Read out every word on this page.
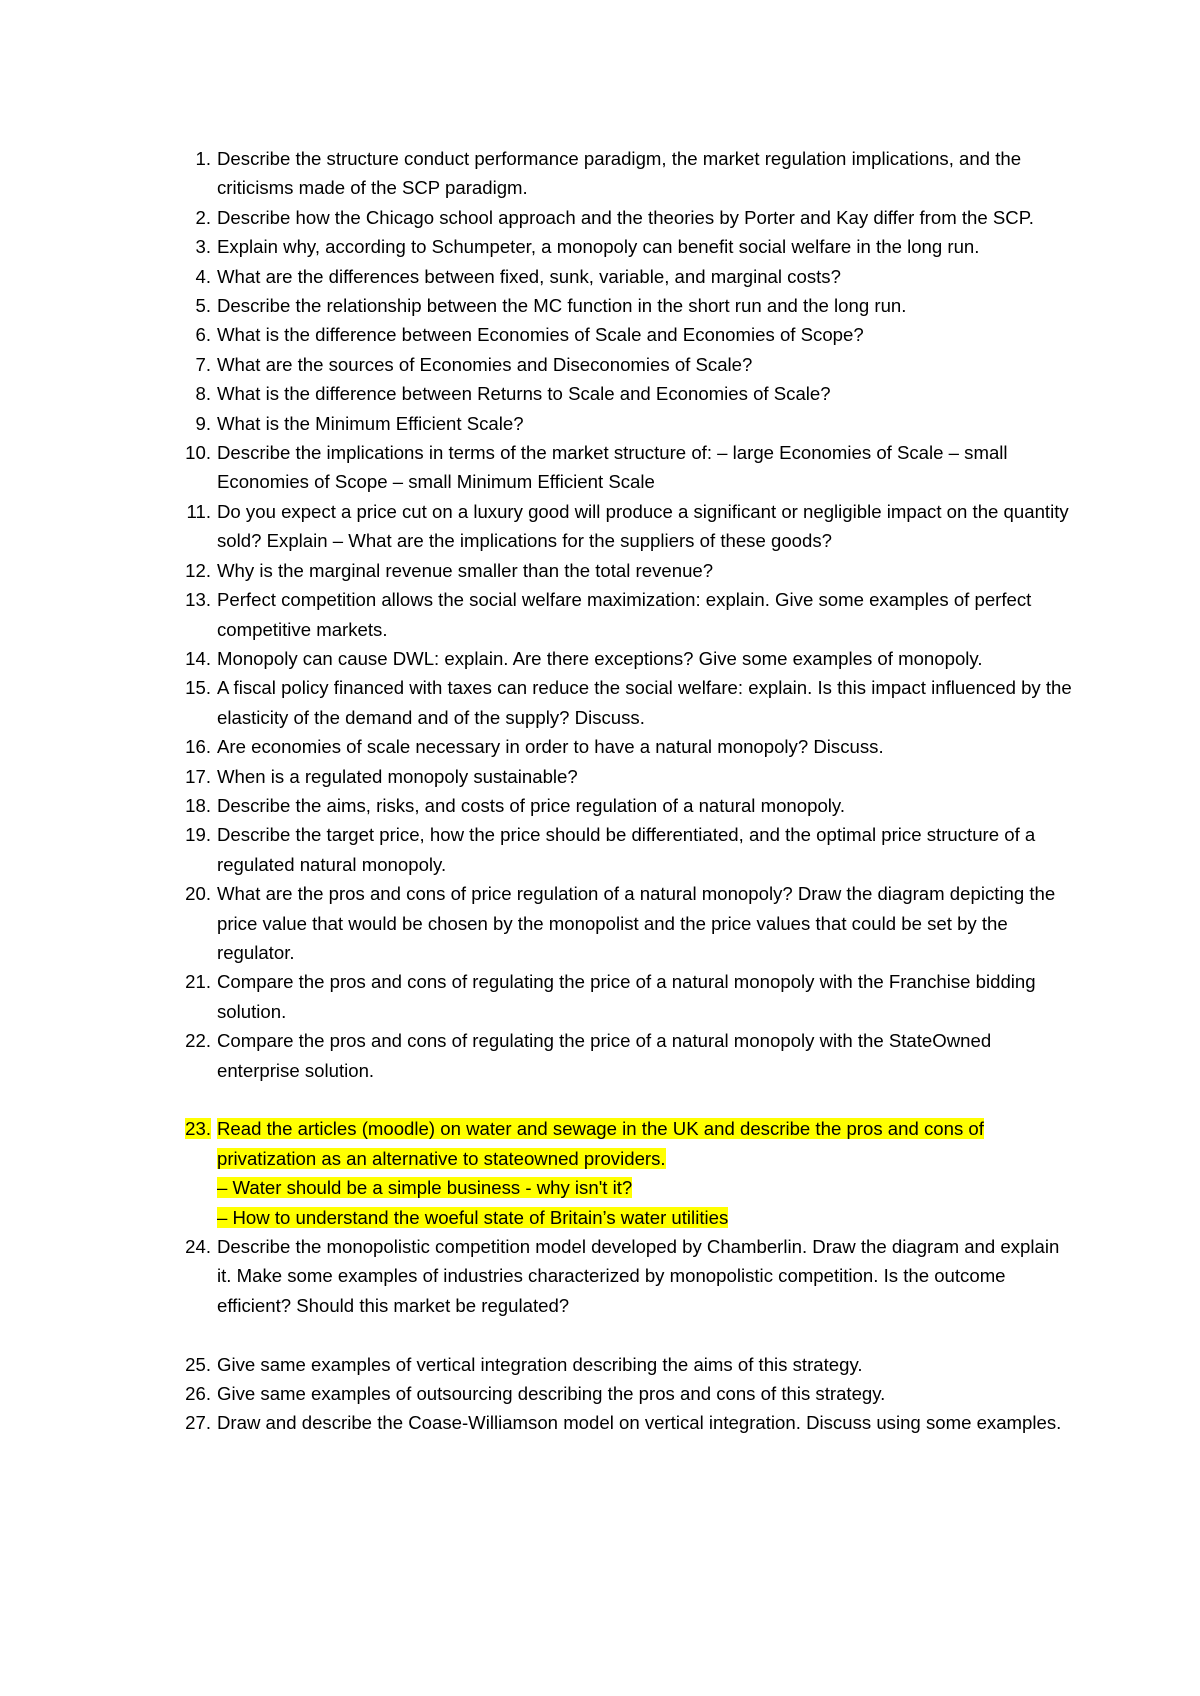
1. Describe the structure conduct performance paradigm, the market regulation implications, and the criticisms made of the SCP paradigm.
2. Describe how the Chicago school approach and the theories by Porter and Kay differ from the SCP.
3. Explain why, according to Schumpeter, a monopoly can benefit social welfare in the long run.
4. What are the differences between fixed, sunk, variable, and marginal costs?
5. Describe the relationship between the MC function in the short run and the long run.
6. What is the difference between Economies of Scale and Economies of Scope?
7. What are the sources of Economies and Diseconomies of Scale?
8. What is the difference between Returns to Scale and Economies of Scale?
9. What is the Minimum Efficient Scale?
10. Describe the implications in terms of the market structure of: – large Economies of Scale – small Economies of Scope – small Minimum Efficient Scale
11. Do you expect a price cut on a luxury good will produce a significant or negligible impact on the quantity sold? Explain – What are the implications for the suppliers of these goods?
12. Why is the marginal revenue smaller than the total revenue?
13. Perfect competition allows the social welfare maximization: explain. Give some examples of perfect competitive markets.
14. Monopoly can cause DWL: explain. Are there exceptions? Give some examples of monopoly.
15. A fiscal policy financed with taxes can reduce the social welfare: explain. Is this impact influenced by the elasticity of the demand and of the supply? Discuss.
16. Are economies of scale necessary in order to have a natural monopoly? Discuss.
17. When is a regulated monopoly sustainable?
18. Describe the aims, risks, and costs of price regulation of a natural monopoly.
19. Describe the target price, how the price should be differentiated, and the optimal price structure of a regulated natural monopoly.
20. What are the pros and cons of price regulation of a natural monopoly? Draw the diagram depicting the price value that would be chosen by the monopolist and the price values that could be set by the regulator.
21. Compare the pros and cons of regulating the price of a natural monopoly with the Franchise bidding solution.
22. Compare the pros and cons of regulating the price of a natural monopoly with the StateOwned enterprise solution.
23. Read the articles (moodle) on water and sewage in the UK and describe the pros and cons of
privatization as an alternative to stateowned providers.
– Water should be a simple business - why isn't it?
– How to understand the woeful state of Britain’s water utilities
24. Describe the monopolistic competition model developed by Chamberlin. Draw the diagram and explain it. Make some examples of industries characterized by monopolistic competition. Is the outcome efficient? Should this market be regulated?
25. Give same examples of vertical integration describing the aims of this strategy.
26. Give same examples of outsourcing describing the pros and cons of this strategy.
27. Draw and describe the Coase-Williamson model on vertical integration. Discuss using some examples.
